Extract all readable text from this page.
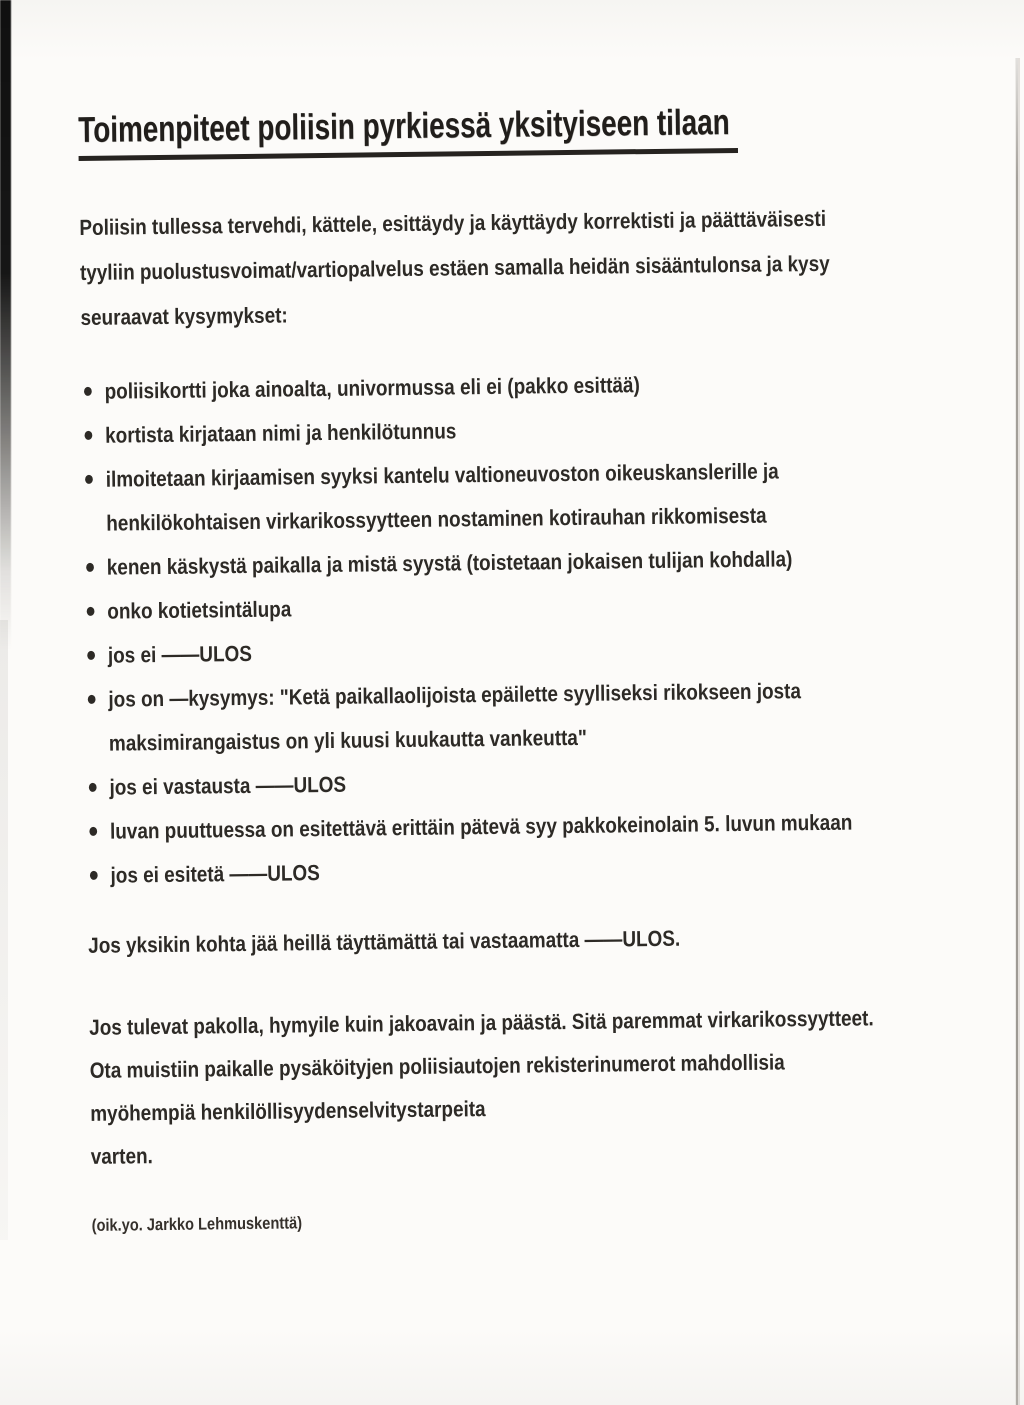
Toimenpiteet poliisin pyrkiessä yksityiseen tilaan

Poliisin tullessa tervehdi, kättele, esittäydy ja käyttäydy korrektisti ja päättäväisesti
tyyliin puolustusvoimat/vartiopalvelus estäen samalla heidän sisääntulonsa ja kysy
seuraavat kysymykset:

poliisikortti joka ainoalta, univormussa eli ei (pakko esittää)
kortista kirjataan nimi ja henkilötunnus
ilmoitetaan kirjaamisen syyksi kantelu valtioneuvoston oikeuskanslerille ja
henkilökohtaisen virkarikossyytteen nostaminen kotirauhan rikkomisesta
kenen käskystä paikalla ja mistä syystä (toistetaan jokaisen tulijan kohdalla)
onko kotietsintälupa
jos ei ——ULOS
jos on —kysymys: "Ketä paikallaolijoista epäilette syylliseksi rikokseen josta
maksimirangaistus on yli kuusi kuukautta vankeutta"
jos ei vastausta ——ULOS
luvan puuttuessa on esitettävä erittäin pätevä syy pakkokeinolain 5. luvun mukaan
jos ei esitetä ——ULOS

Jos yksikin kohta jää heillä täyttämättä tai vastaamatta ——ULOS.

Jos tulevat pakolla, hymyile kuin jakoavain ja päästä. Sitä paremmat virkarikossyytteet.
Ota muistiin paikalle pysäköityjen poliisiautojen rekisterinumerot mahdollisia
myöhempiä henkilöllisyydenselvitystarpeita
varten.

(oik.yo. Jarkko Lehmuskenttä)
